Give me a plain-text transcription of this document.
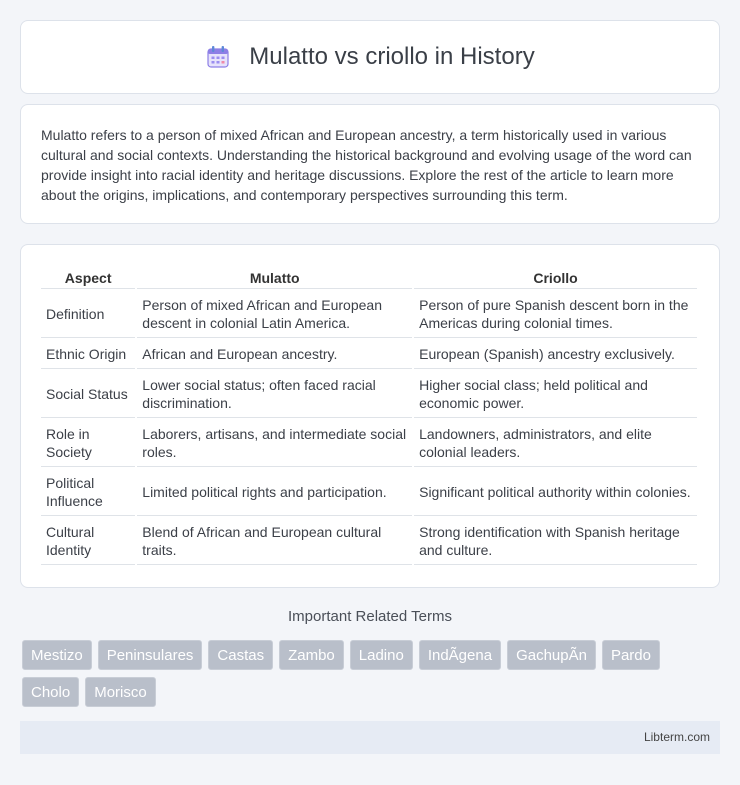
Mulatto vs criollo in History

Mulatto refers to a person of mixed African and European ancestry, a term historically used in various cultural and social contexts. Understanding the historical background and evolving usage of the word can provide insight into racial identity and heritage discussions. Explore the rest of the article to learn more about the origins, implications, and contemporary perspectives surrounding this term.

Aspect	Mulatto	Criollo
Definition	Person of mixed African and European descent in colonial Latin America.	Person of pure Spanish descent born in the Americas during colonial times.
Ethnic Origin	African and European ancestry.	European (Spanish) ancestry exclusively.
Social Status	Lower social status; often faced racial discrimination.	Higher social class; held political and economic power.
Role in Society	Laborers, artisans, and intermediate social roles.	Landowners, administrators, and elite colonial leaders.
Political Influence	Limited political rights and participation.	Significant political authority within colonies.
Cultural Identity	Blend of African and European cultural traits.	Strong identification with Spanish heritage and culture.
Important Related Terms
Mestizo	Peninsulares	Castas	Zambo	Ladino	IndÃgena	GachupÃn	Pardo
Cholo	Morisco
Libterm.com
